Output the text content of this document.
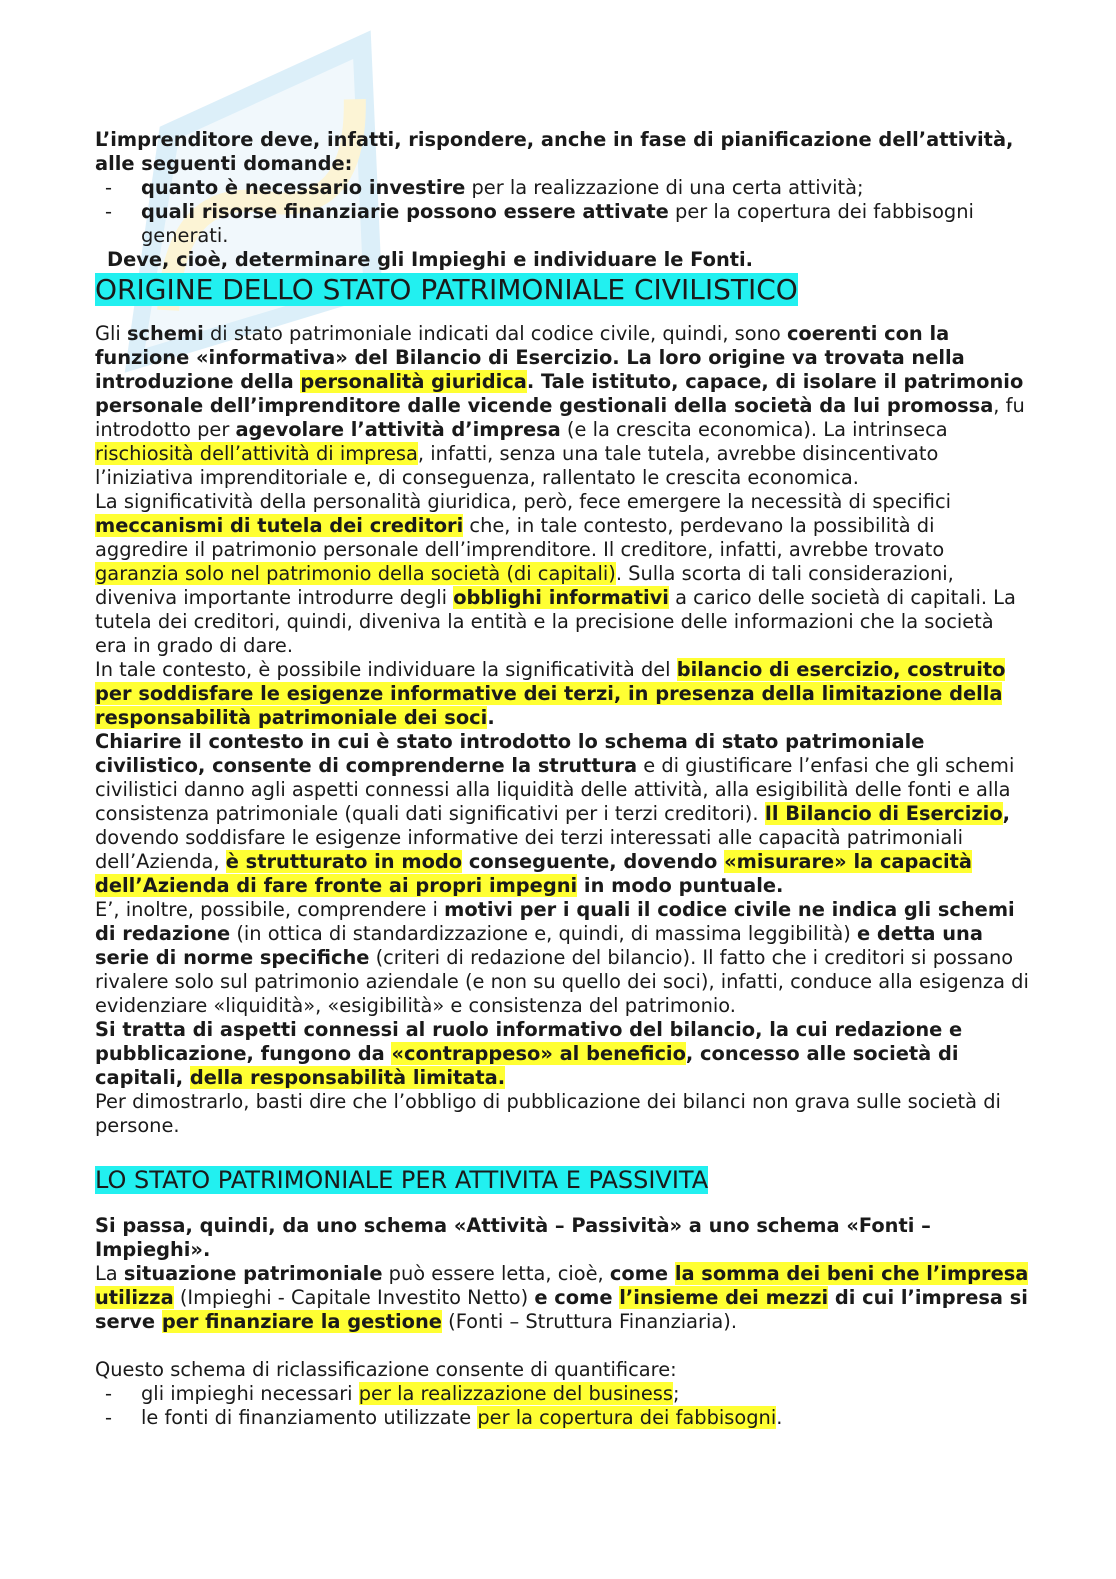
L’imprenditore deve, infatti, rispondere, anche in fase di pianificazione dell’attività, alle seguenti domande:

- quanto è necessario investire per la realizzazione di una certa attività;

- quali risorse finanziarie possono essere attivate per la copertura dei fabbisogni generati.

Deve, cioè, determinare gli Impieghi e individuare le Fonti.

ORIGINE DELLO STATO PATRIMONIALE CIVILISTICO

Gli schemi di stato patrimoniale indicati dal codice civile, quindi, sono coerenti con la funzione «informativa» del Bilancio di Esercizio. La loro origine va trovata nella introduzione della personalità giuridica. Tale istituto, capace, di isolare il patrimonio personale dell’imprenditore dalle vicende gestionali della società da lui promossa, fu introdotto per agevolare l’attività d’impresa (e la crescita economica). La intrinseca rischiosità dell’attività di impresa, infatti, senza una tale tutela, avrebbe disincentivato l’iniziativa imprenditoriale e, di conseguenza, rallentato le crescita economica.

La significatività della personalità giuridica, però, fece emergere la necessità di specifici meccanismi di tutela dei creditori che, in tale contesto, perdevano la possibilità di aggredire il patrimonio personale dell’imprenditore. Il creditore, infatti, avrebbe trovato garanzia solo nel patrimonio della società (di capitali). Sulla scorta di tali considerazioni, diveniva importante introdurre degli obblighi informativi a carico delle società di capitali. La tutela dei creditori, quindi, diveniva la entità e la precisione delle informazioni che la società era in grado di dare.

In tale contesto, è possibile individuare la significatività del bilancio di esercizio, costruito per soddisfare le esigenze informative dei terzi, in presenza della limitazione della responsabilità patrimoniale dei soci.

Chiarire il contesto in cui è stato introdotto lo schema di stato patrimoniale civilistico, consente di comprenderne la struttura e di giustificare l’enfasi che gli schemi civilistici danno agli aspetti connessi alla liquidità delle attività, alla esigibilità delle fonti e alla consistenza patrimoniale (quali dati significativi per i terzi creditori). Il Bilancio di Esercizio, dovendo soddisfare le esigenze informative dei terzi interessati alle capacità patrimoniali dell’Azienda, è strutturato in modo conseguente, dovendo «misurare» la capacità dell’Azienda di fare fronte ai propri impegni in modo puntuale.

E’, inoltre, possibile, comprendere i motivi per i quali il codice civile ne indica gli schemi di redazione (in ottica di standardizzazione e, quindi, di massima leggibilità) e detta una serie di norme specifiche (criteri di redazione del bilancio). Il fatto che i creditori si possano rivalere solo sul patrimonio aziendale (e non su quello dei soci), infatti, conduce alla esigenza di evidenziare «liquidità», «esigibilità» e consistenza del patrimonio.

Si tratta di aspetti connessi al ruolo informativo del bilancio, la cui redazione e pubblicazione, fungono da «contrappeso» al beneficio, concesso alle società di capitali, della responsabilità limitata.

Per dimostrarlo, basti dire che l’obbligo di pubblicazione dei bilanci non grava sulle società di persone.

LO STATO PATRIMONIALE PER ATTIVITA E PASSIVITA

Si passa, quindi, da uno schema «Attività – Passività» a uno schema «Fonti – Impieghi».

La situazione patrimoniale può essere letta, cioè, come la somma dei beni che l’impresa utilizza (Impieghi - Capitale Investito Netto) e come l’insieme dei mezzi di cui l’impresa si serve per finanziare la gestione (Fonti – Struttura Finanziaria).

Questo schema di riclassificazione consente di quantificare:

- gli impieghi necessari per la realizzazione del business;

- le fonti di finanziamento utilizzate per la copertura dei fabbisogni.
